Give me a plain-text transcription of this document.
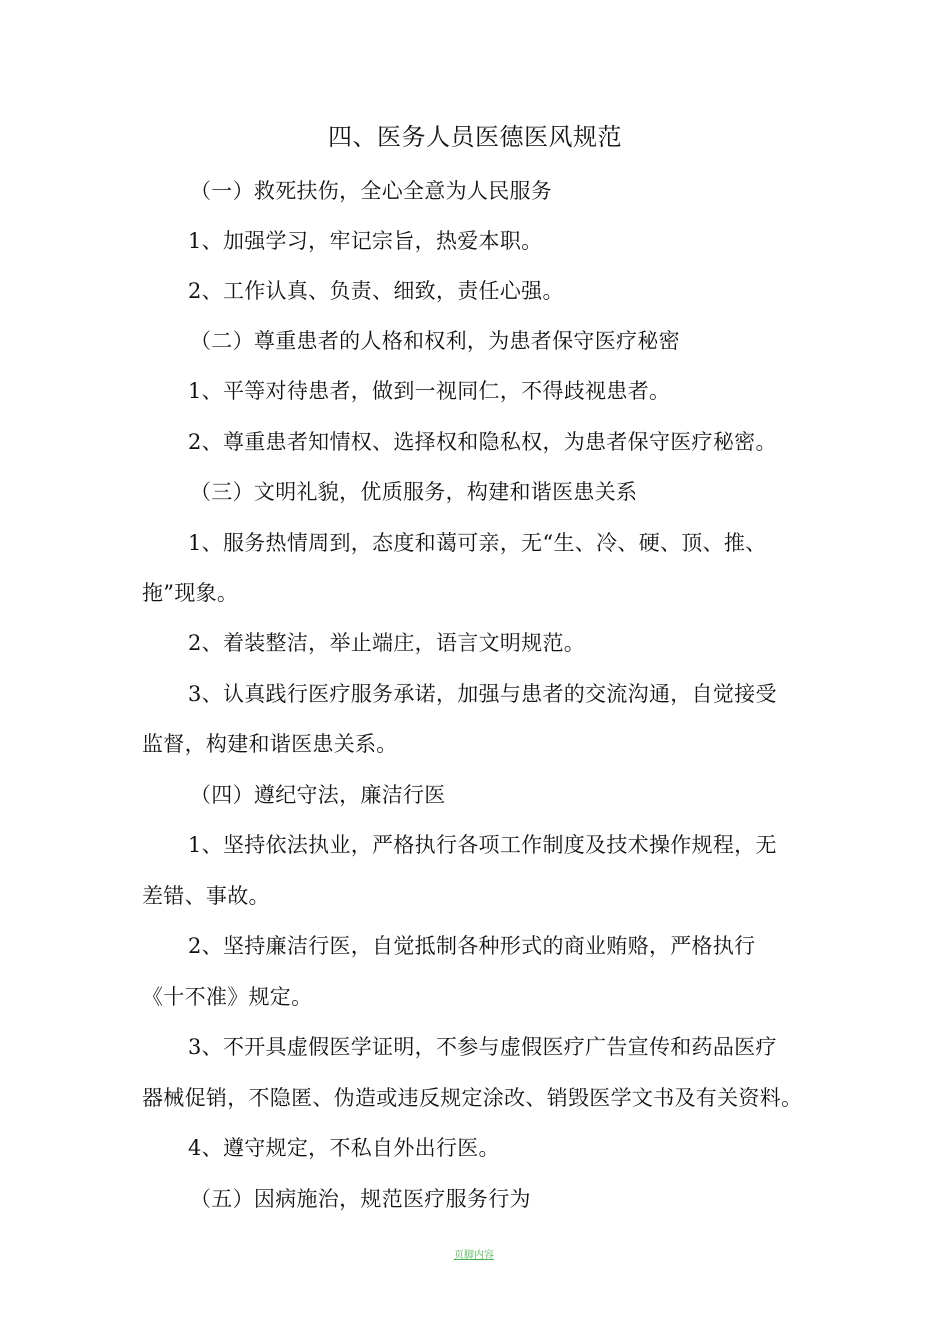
四、医务人员医德医风规范
（一）救死扶伤，全心全意为人民服务
1、加强学习，牢记宗旨，热爱本职。
2、工作认真、负责、细致，责任心强。
（二）尊重患者的人格和权利，为患者保守医疗秘密
1、平等对待患者，做到一视同仁，不得歧视患者。
2、尊重患者知情权、选择权和隐私权，为患者保守医疗秘密。
（三）文明礼貌，优质服务，构建和谐医患关系
1、服务热情周到，态度和蔼可亲，无“生、冷、硬、顶、推、
拖”现象。
2、着装整洁，举止端庄，语言文明规范。
3、认真践行医疗服务承诺，加强与患者的交流沟通，自觉接受
监督，构建和谐医患关系。
（四）遵纪守法，廉洁行医
1、坚持依法执业，严格执行各项工作制度及技术操作规程，无
差错、事故。
2、坚持廉洁行医，自觉抵制各种形式的商业贿赂，严格执行
《十不准》规定。
3、不开具虚假医学证明，不参与虚假医疗广告宣传和药品医疗
器械促销，不隐匿、伪造或违反规定涂改、销毁医学文书及有关资料。
4、遵守规定，不私自外出行医。
（五）因病施治，规范医疗服务行为
页脚内容
